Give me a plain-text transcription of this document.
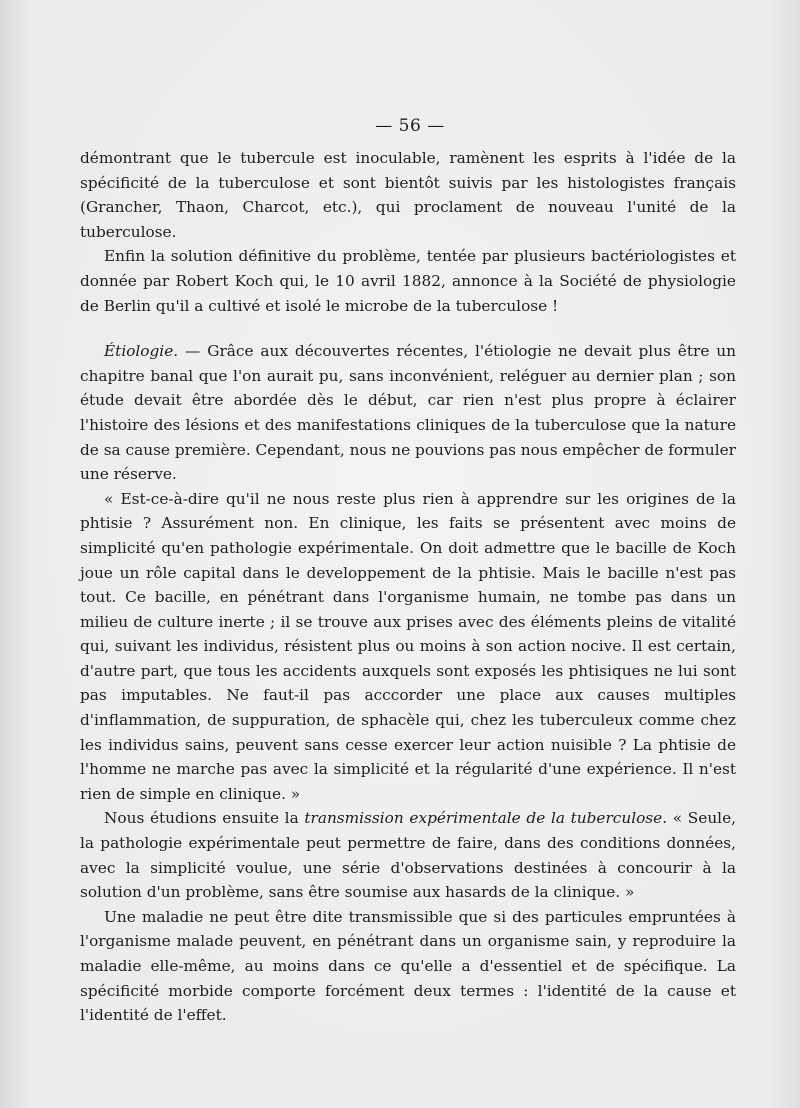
— 56 —

démontrant que le tubercule est inoculable, ramènent les esprits à l'idée de la spécificité de la tuberculose et sont bientôt suivis par les histologistes français (Grancher, Thaon, Charcot, etc.), qui proclament de nouveau l'unité de la tuberculose.

Enfin la solution définitive du problème, tentée par plusieurs bactériologistes et donnée par Robert Koch qui, le 10 avril 1882, annonce à la Société de physiologie de Berlin qu'il a cultivé et isolé le microbe de la tuberculose !

Étiologie. — Grâce aux découvertes récentes, l'étiologie ne devait plus être un chapitre banal que l'on aurait pu, sans inconvénient, reléguer au dernier plan ; son étude devait être abordée dès le début, car rien n'est plus propre à éclairer l'histoire des lésions et des manifestations cliniques de la tuberculose que la nature de sa cause première. Cependant, nous ne pouvions pas nous empêcher de formuler une réserve.

« Est-ce-à-dire qu'il ne nous reste plus rien à apprendre sur les origines de la phtisie ? Assurément non. En clinique, les faits se présentent avec moins de simplicité qu'en pathologie expérimentale. On doit admettre que le bacille de Koch joue un rôle capital dans le developpement de la phtisie. Mais le bacille n'est pas tout. Ce bacille, en pénétrant dans l'organisme humain, ne tombe pas dans un milieu de culture inerte ; il se trouve aux prises avec des éléments pleins de vitalité qui, suivant les individus, résistent plus ou moins à son action nocive. Il est certain, d'autre part, que tous les accidents auxquels sont exposés les phtisiques ne lui sont pas imputables. Ne faut-il pas acccorder une place aux causes multiples d'inflammation, de suppuration, de sphacèle qui, chez les tuberculeux comme chez les individus sains, peuvent sans cesse exercer leur action nuisible ? La phtisie de l'homme ne marche pas avec la simplicité et la régularité d'une expérience. Il n'est rien de simple en clinique. »

Nous étudions ensuite la transmission expérimentale de la tuberculose. « Seule, la pathologie expérimentale peut permettre de faire, dans des conditions données, avec la simplicité voulue, une série d'observations destinées à concourir à la solution d'un problème, sans être soumise aux hasards de la clinique. »

Une maladie ne peut être dite transmissible que si des particules empruntées à l'organisme malade peuvent, en pénétrant dans un organisme sain, y reproduire la maladie elle-même, au moins dans ce qu'elle a d'essentiel et de spécifique. La spécificité morbide comporte forcément deux termes : l'identité de la cause et l'identité de l'effet.
